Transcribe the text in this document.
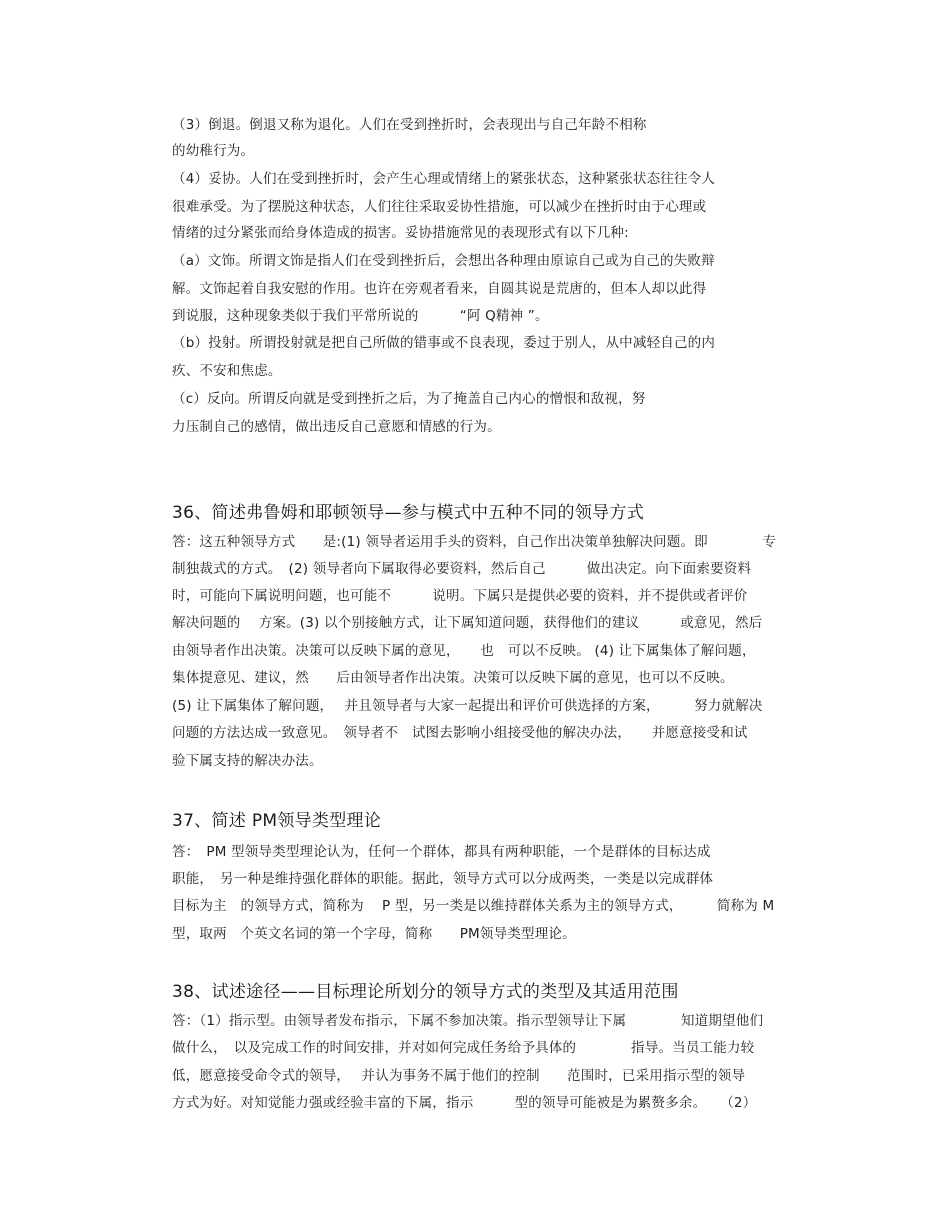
（3）倒退。倒退又称为退化。人们在受到挫折时，会表现出与自己年龄不相称
的幼稚行为。
（4）妥协。人们在受到挫折时，会产生心理或情绪上的紧张状态，这种紧张状态往往令人
很难承受。为了摆脱这种状态，人们往往采取妥协性措施，可以减少在挫折时由于心理或
情绪的过分紧张而给身体造成的损害。妥协措施常见的表现形式有以下几种:
（a）文饰。所谓文饰是指人们在受到挫折后，会想出各种理由原谅自己或为自己的失败辩
解。文饰起着自我安慰的作用。也许在旁观者看来，自圆其说是荒唐的，但本人却以此得
到说服，这种现象类似于我们平常所说的　　　“阿 Q精神 ”。
（b）投射。所谓投射就是把自己所做的错事或不良表现，委过于别人，从中减轻自己的内
疚、不安和焦虑。
（c）反向。所谓反向就是受到挫折之后，为了掩盖自己内心的憎恨和敌视，努
力压制自己的感情，做出违反自己意愿和情感的行为。
36、简述弗鲁姆和耶顿领导—参与模式中五种不同的领导方式
答：这五种领导方式　　是:(1) 领导者运用手头的资料，自己作出决策单独解决问题。即　　　　专
制独裁式的方式。　(2) 领导者向下属取得必要资料，然后自己　　　做出决定。向下面索要资料
时，可能向下属说明问题，也可能不　　　说明。下属只是提供必要的资料，并不提供或者评价
解决问题的　 方案。(3) 以个别接触方式，让下属知道问题，获得他们的建议　　　或意见，然后
由领导者作出决策。决策可以反映下属的意见，　　也　可以不反映。 (4) 让下属集体了解问题，
集体提意见、建议，然　　后由领导者作出决策。决策可以反映下属的意见，也可以不反映。
(5) 让下属集体了解问题，　 并且领导者与大家一起提出和评价可供选择的方案，　　　努力就解决
问题的方法达成一致意见。　领导者不　试图去影响小组接受他的解决办法，　　并愿意接受和试
验下属支持的解决办法。
37、简述 PM领导类型理论
答：　PM 型领导类型理论认为，任何一个群体，都具有两种职能，一个是群体的目标达成
职能，　另一种是维持强化群体的职能。据此，领导方式可以分成两类，一类是以完成群体
目标为主　的领导方式，简称为　 P 型，另一类是以维持群体关系为主的领导方式，　　　简称为 M
型，取两　个英文名词的第一个字母，简称　　PM领导类型理论。
38、试述途径——目标理论所划分的领导方式的类型及其适用范围
答：（1）指示型。由领导者发布指示，下属不参加决策。指示型领导让下属　　　　知道期望他们
做什么，　以及完成工作的时间安排，并对如何完成任务给予具体的　　　　指导。当员工能力较
低，愿意接受命令式的领导，　 并认为事务不属于他们的控制　　范围时，已采用指示型的领导
方式为好。对知觉能力强或经验丰富的下属，指示　　　型的领导可能被是为累赘多余。　　（2）
